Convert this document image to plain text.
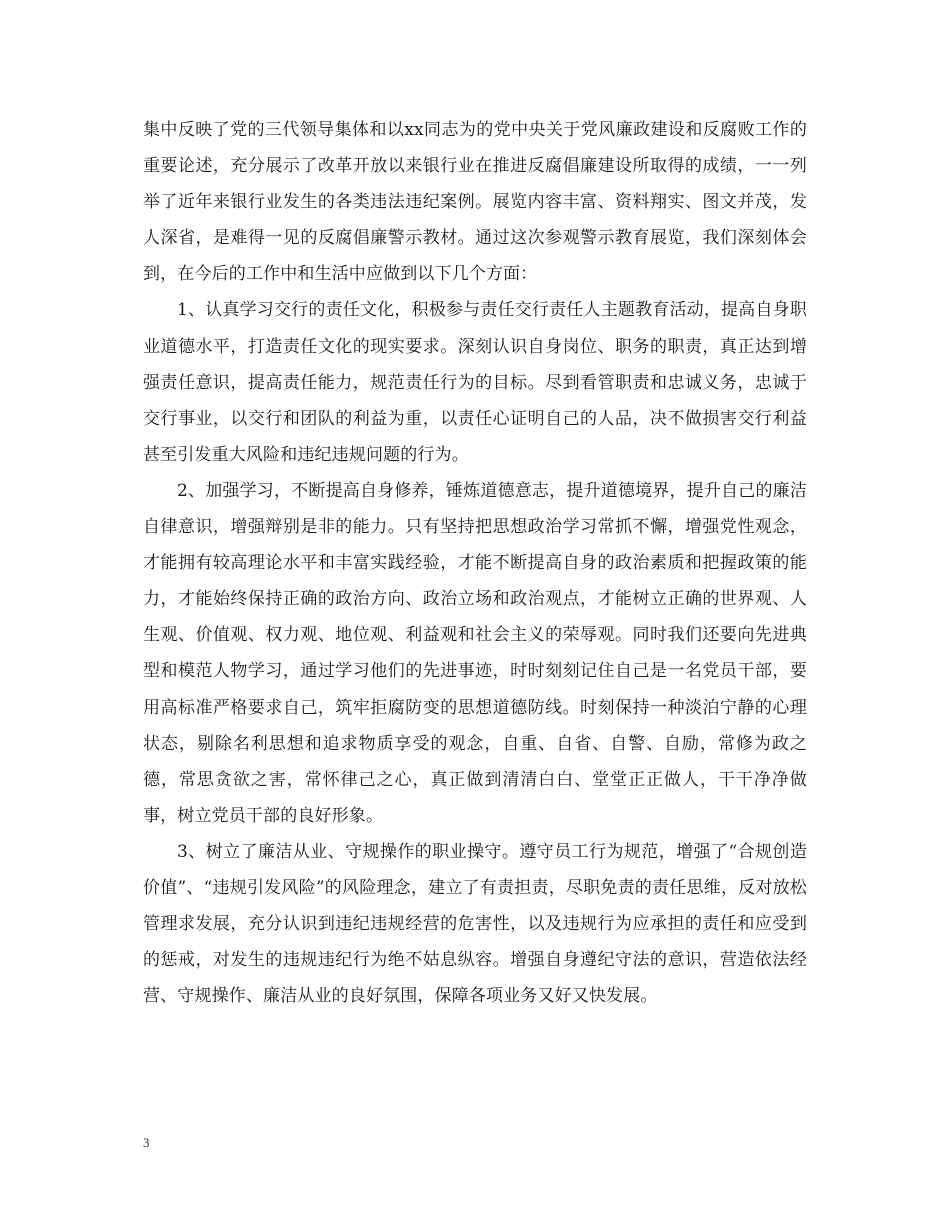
集中反映了党的三代领导集体和以xx同志为的党中央关于党风廉政建设和反腐败工作的重要论述，充分展示了改革开放以来银行业在推进反腐倡廉建设所取得的成绩，一一列举了近年来银行业发生的各类违法违纪案例。展览内容丰富、资料翔实、图文并茂，发人深省，是难得一见的反腐倡廉警示教材。通过这次参观警示教育展览，我们深刻体会到，在今后的工作中和生活中应做到以下几个方面：

1、认真学习交行的责任文化，积极参与责任交行责任人主题教育活动，提高自身职业道德水平，打造责任文化的现实要求。深刻认识自身岗位、职务的职责，真正达到增强责任意识，提高责任能力，规范责任行为的目标。尽到看管职责和忠诚义务，忠诚于交行事业，以交行和团队的利益为重，以责任心证明自己的人品，决不做损害交行利益甚至引发重大风险和违纪违规问题的行为。

2、加强学习，不断提高自身修养，锤炼道德意志，提升道德境界，提升自己的廉洁自律意识，增强辩别是非的能力。只有坚持把思想政治学习常抓不懈，增强党性观念，才能拥有较高理论水平和丰富实践经验，才能不断提高自身的政治素质和把握政策的能力，才能始终保持正确的政治方向、政治立场和政治观点，才能树立正确的世界观、人生观、价值观、权力观、地位观、利益观和社会主义的荣辱观。同时我们还要向先进典型和模范人物学习，通过学习他们的先进事迹，时时刻刻记住自己是一名党员干部，要用高标准严格要求自己，筑牢拒腐防变的思想道德防线。时刻保持一种淡泊宁静的心理状态，剔除名利思想和追求物质享受的观念，自重、自省、自警、自励，常修为政之德，常思贪欲之害，常怀律己之心，真正做到清清白白、堂堂正正做人，干干净净做事，树立党员干部的良好形象。

3、树立了廉洁从业、守规操作的职业操守。遵守员工行为规范，增强了“合规创造价值”、“违规引发风险”的风险理念，建立了有责担责，尽职免责的责任思维，反对放松管理求发展，充分认识到违纪违规经营的危害性，以及违规行为应承担的责任和应受到的惩戒，对发生的违规违纪行为绝不姑息纵容。增强自身遵纪守法的意识，营造依法经营、守规操作、廉洁从业的良好氛围，保障各项业务又好又快发展。

3
